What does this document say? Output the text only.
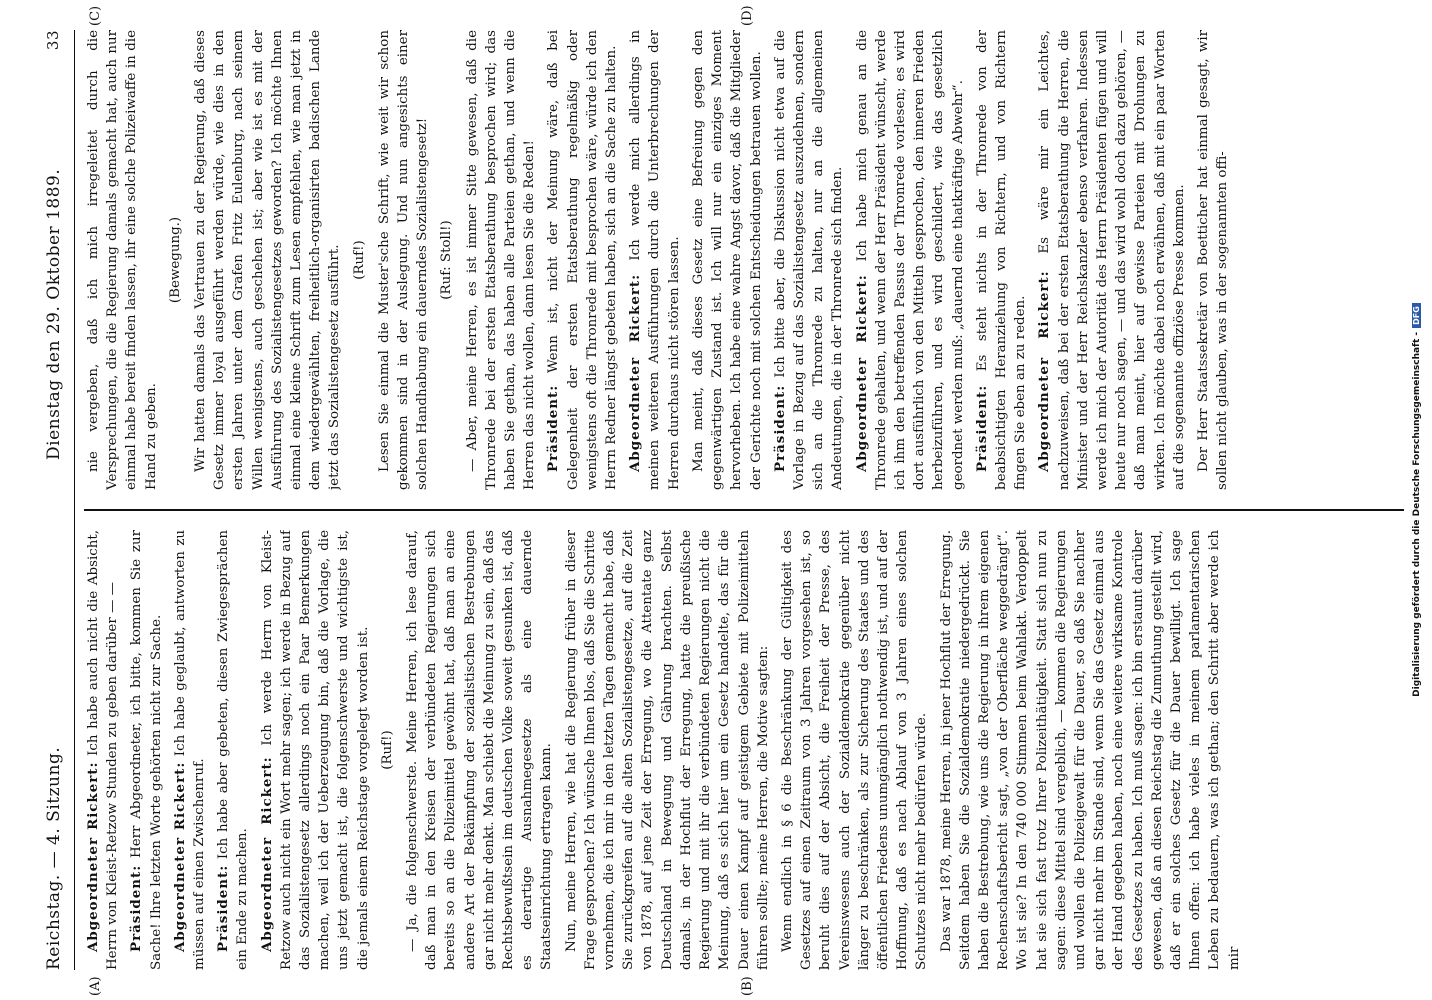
Reichstag. — 4. Sitzung.
Dienstag den 29. Oktober 1889.
33
(A)	(B)
(C)	(D)

Abgeordneter Rickert: Ich habe auch nicht die Absicht, Herrn von Kleist-Retzow Stunden zu geben darüber — — Präsident: Herr Abgeordneter, ich bitte, kommen Sie zur Sache! Ihre letzten Worte gehörten nicht zur Sache. Abgeordneter Rickert: Ich habe geglaubt, antworten zu müssen auf einen Zwischenruf. Präsident: Ich habe aber gebeten, diesen Zwiegesprächen ein Ende zu machen. Abgeordneter Rickert: Ich werde Herrn von Kleist-Retzow auch nicht ein Wort mehr sagen; ich werde in Bezug auf das Sozialistengesetz allerdings noch ein Paar Bemerkungen machen, weil ich der Ueberzeugung bin, daß die Vorlage, die uns jetzt gemacht ist, die folgenschwerste und wichtigste ist, die jemals einem Reichstage vorgelegt worden ist. (Ruf!) — Ja, die folgenschwerste. Meine Herren, ich lese darauf, daß man in den Kreisen der verbündeten Regierungen sich bereits so an die Polizeimittel gewöhnt hat, daß man an eine andere Art der Bekämpfung der sozialistischen Bestrebungen gar nicht mehr denkt. Man schiebt die Meinung zu sein, daß das Rechtsbewußtsein im deutschen Volke soweit gesunken ist, daß es derartige Ausnahmegesetze als eine dauernde Staatseinrichtung ertragen kann. Nun, meine Herren, wie hat die Regierung früher in dieser Frage gesprochen? Ich wünsche Ihnen blos, daß Sie die Schritte vornehmen, die ich mir in den letzten Tagen gemacht habe, daß Sie zurückgreifen auf die alten Sozialistengesetze, auf die Zeit von 1878, auf jene Zeit der Erregung, wo die Attentate ganz Deutschland in Bewegung und Gährung brachten. Selbst damals, in der Hochflut der Erregung, hatte die preußische Regierung und mit ihr die verbündeten Regierungen nicht die Meinung, daß es sich hier um ein Gesetz handelte, das für die Dauer einen Kampf auf geistigem Gebiete mit Polizeimitteln führen sollte; meine Herren, die Motive sagten: Wenn endlich in § 6 die Beschränkung der Gültigkeit des Gesetzes auf einen Zeitraum von 3 Jahren vorgesehen ist, so beruht dies auf der Absicht, die Freiheit der Presse, des Vereinswesens auch der Sozialdemokratie gegenüber nicht länger zu beschränken, als zur Sicherung des Staates und des öffentlichen Friedens unumgänglich nothwendig ist, und auf der Hoffnung, daß es nach Ablauf von 3 Jahren eines solchen Schutzes nicht mehr bedürfen würde. Das war 1878, meine Herren, in jener Hochflut der Erregung. Seitdem haben Sie die Sozialdemokratie niedergedrückt. Sie haben die Bestrebung, wie uns die Regierung in ihrem eigenen Rechenschaftsbericht sagt, „von der Oberfläche weggedrängt“. Wo ist sie? In den 740 000 Stimmen beim Wahlakt. Verdoppelt hat sie sich fast trotz Ihrer Polizeithätigkeit. Statt sich nun zu sagen: diese Mittel sind vergeblich, — kommen die Regierungen und wollen die Polizeigewalt für die Dauer, so daß Sie nachher gar nicht mehr im Stande sind, wenn Sie das Gesetz einmal aus der Hand gegeben haben, noch eine weitere wirksame Kontrole des Gesetzes zu haben. Ich muß sagen: ich bin erstaunt darüber gewesen, daß an diesen Reichstag die Zumuthung gestellt wird, daß er ein solches Gesetz für die Dauer bewilligt. Ich sage Ihnen offen: ich habe vieles in meinem parlamentarischen Leben zu bedauern, was ich gethan; den Schritt aber werde ich mir

nie vergeben, daß ich mich irregeleitet durch die Versprechungen, die die Regierung damals gemacht hat, auch nur einmal habe bereit finden lassen, ihr eine solche Polizeiwaffe in die Hand zu geben.

(Bewegung.) Wir hatten damals das Vertrauen zu der Regierung, daß dieses Gesetz immer loyal ausgeführt werden würde, wie dies in den ersten Jahren unter dem Grafen Fritz Eulenburg, nach seinem Willen wenigstens, auch geschehen ist; aber wie ist es mit der Ausführung des Sozialistengesetzes geworden? Ich möchte Ihnen einmal eine kleine Schrift zum Lesen empfehlen, wie man jetzt in dem wiedergewählten, freiheitlich-organisirten badischen Lande jetzt das Sozialistengesetz ausführt. (Ruf!) Lesen Sie einmal die Muster'sche Schrift, wie weit wir schon gekommen sind in der Auslegung. Und nun angesichts einer solchen Handhabung ein dauerndes Sozialistengesetz! (Ruf: Stoll!) — Aber, meine Herren, es ist immer Sitte gewesen, daß die Thronrede bei der ersten Etatsberathung besprochen wird; das haben Sie gethan, das haben alle Parteien gethan, und wenn die Herren das nicht wollen, dann lesen Sie die Reden! Präsident: Wenn ist, nicht der Meinung wäre, daß bei Gelegenheit der ersten Etatsberathung regelmäßig oder wenigstens oft die Thronrede mit besprochen wäre, würde ich den Herrn Redner längst gebeten haben, sich an die Sache zu halten. Abgeordneter Rickert: Ich werde mich allerdings in meinen weiteren Ausführungen durch die Unterbrechungen der Herren durchaus nicht stören lassen. Man meint, daß dieses Gesetz eine Befreiung gegen den gegenwärtigen Zustand ist. Ich will nur ein einziges Moment hervorheben. Ich habe eine wahre Angst davor, daß die Mitglieder der Gerichte noch mit solchen Entscheidungen betrauen wollen. Präsident: Ich bitte aber, die Diskussion nicht etwa auf die Vorlage in Bezug auf das Sozialistengesetz auszudehnen, sondern sich an die Thronrede zu halten, nur an die allgemeinen Andeutungen, die in der Thronrede sich finden. Abgeordneter Rickert: Ich habe mich genau an die Thronrede gehalten, und wenn der Herr Präsident wünscht, werde ich ihm den betreffenden Passus der Thronrede vorlesen; es wird dort ausführlich von den Mitteln gesprochen, den inneren Frieden herbeizuführen, und es wird geschildert, wie das gesetzlich geordnet werden muß: „dauernd eine thatkräftige Abwehr“. Präsident: Es steht nichts in der Thronrede von der beabsichtigten Heranziehung von Richtern, und von Richtern fingen Sie eben an zu reden. Abgeordneter Rickert: Es wäre mir ein Leichtes, nachzuweisen, daß bei der ersten Etatsberathung die Herren, die Minister und der Herr Reichskanzler ebenso verfahren. Indessen werde ich mich der Autorität des Herrn Präsidenten fügen und will heute nur noch sagen, — und das wird wohl doch dazu gehören, — daß man meint, hier auf gewisse Parteien mit Drohungen zu wirken. Ich möchte dabei noch erwähnen, daß mit ein paar Worten auf die sogenannte offiziöse Presse kommen. Der Herr Staatssekretär von Boetticher hat einmal gesagt, wir sollen nicht glauben, was in der sogenannten offi-

Digitalisierung gefördert durch die Deutsche Forschungsgemeinschaft -DFG
